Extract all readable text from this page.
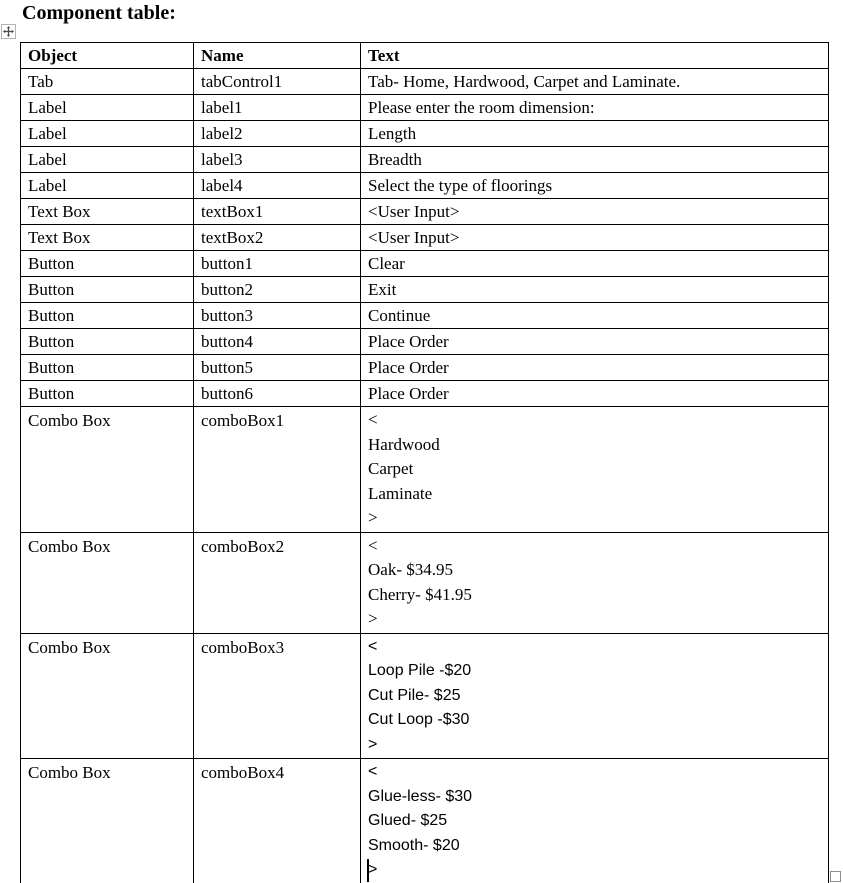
Component table:
Object	Name	Text
Tab	tabControl1	Tab- Home, Hardwood, Carpet and Laminate.
Label	label1	Please enter the room dimension:
Label	label2	Length
Label	label3	Breadth
Label	label4	Select the type of floorings
Text Box	textBox1	<User Input>
Text Box	textBox2	<User Input>
Button	button1	Clear
Button	button2	Exit
Button	button3	Continue
Button	button4	Place Order
Button	button5	Place Order
Button	button6	Place Order
Combo Box	comboBox1	<
Hardwood
Carpet
Laminate
>

Combo Box	comboBox2	<
Oak- $34.95
Cherry- $41.95
>

Combo Box	comboBox3	<
Loop Pile -$20
Cut Pile- $25
Cut Loop -$30
>

Combo Box	comboBox4	<
Glue-less- $30
Glued- $25
Smooth- $20
>
